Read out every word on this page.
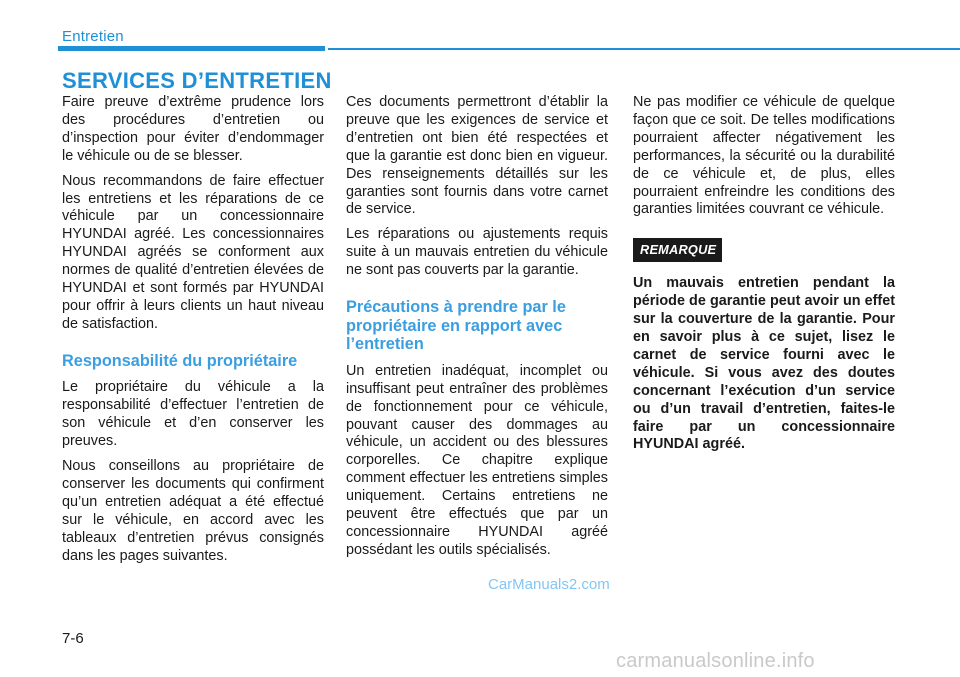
Entretien
SERVICES D’ENTRETIEN

Faire preuve d’extrême prudence lors des procédures d’entretien ou d’inspection pour éviter d’endommager le véhicule ou de se blesser.

Nous recommandons de faire effectuer les entretiens et les réparations de ce véhicule par un concessionnaire HYUNDAI agréé. Les concessionnaires HYUNDAI agréés se conforment aux normes de qualité d’entretien élevées de HYUNDAI et sont formés par HYUNDAI pour offrir à leurs clients un haut niveau de satisfaction.

Responsabilité du propriétaire

Le propriétaire du véhicule a la responsabilité d’effectuer l’entretien de son véhicule et d’en conserver les preuves.

Nous conseillons au propriétaire de conserver les documents qui confirment qu’un entretien adéquat a été effectué sur le véhicule, en accord avec les tableaux d’entretien prévus consignés dans les pages suivantes.

Ces documents permettront d’établir la preuve que les exigences de service et d’entretien ont bien été respectées et que la garantie est donc bien en vigueur. Des renseignements détaillés sur les garanties sont fournis dans votre carnet de service.

Les réparations ou ajustements requis suite à un mauvais entretien du véhicule ne sont pas couverts par la garantie.

Précautions à prendre par le propriétaire en rapport avec l’entretien

Un entretien inadéquat, incomplet ou insuffisant peut entraîner des problèmes de fonctionnement pour ce véhicule, pouvant causer des dommages au véhicule, un accident ou des blessures corporelles. Ce chapitre explique comment effectuer les entretiens simples uniquement. Certains entretiens ne peuvent être effectués que par un concessionnaire HYUNDAI agréé possédant les outils spécialisés.

Ne pas modifier ce véhicule de quelque façon que ce soit. De telles modifications pourraient affecter négativement les performances, la sécurité ou la durabilité de ce véhicule et, de plus, elles pourraient enfreindre les conditions des garanties limitées couvrant ce véhicule.

REMARQUE

Un mauvais entretien pendant la période de garantie peut avoir un effet sur la couverture de la garantie. Pour en savoir plus à ce sujet, lisez le carnet de service fourni avec le véhicule. Si vous avez des doutes concernant l’exécution d’un service ou d’un travail d’entretien, faites-le faire par un concessionnaire HYUNDAI agréé.

CarManuals2.com
7-6
carmanualsonline.info
